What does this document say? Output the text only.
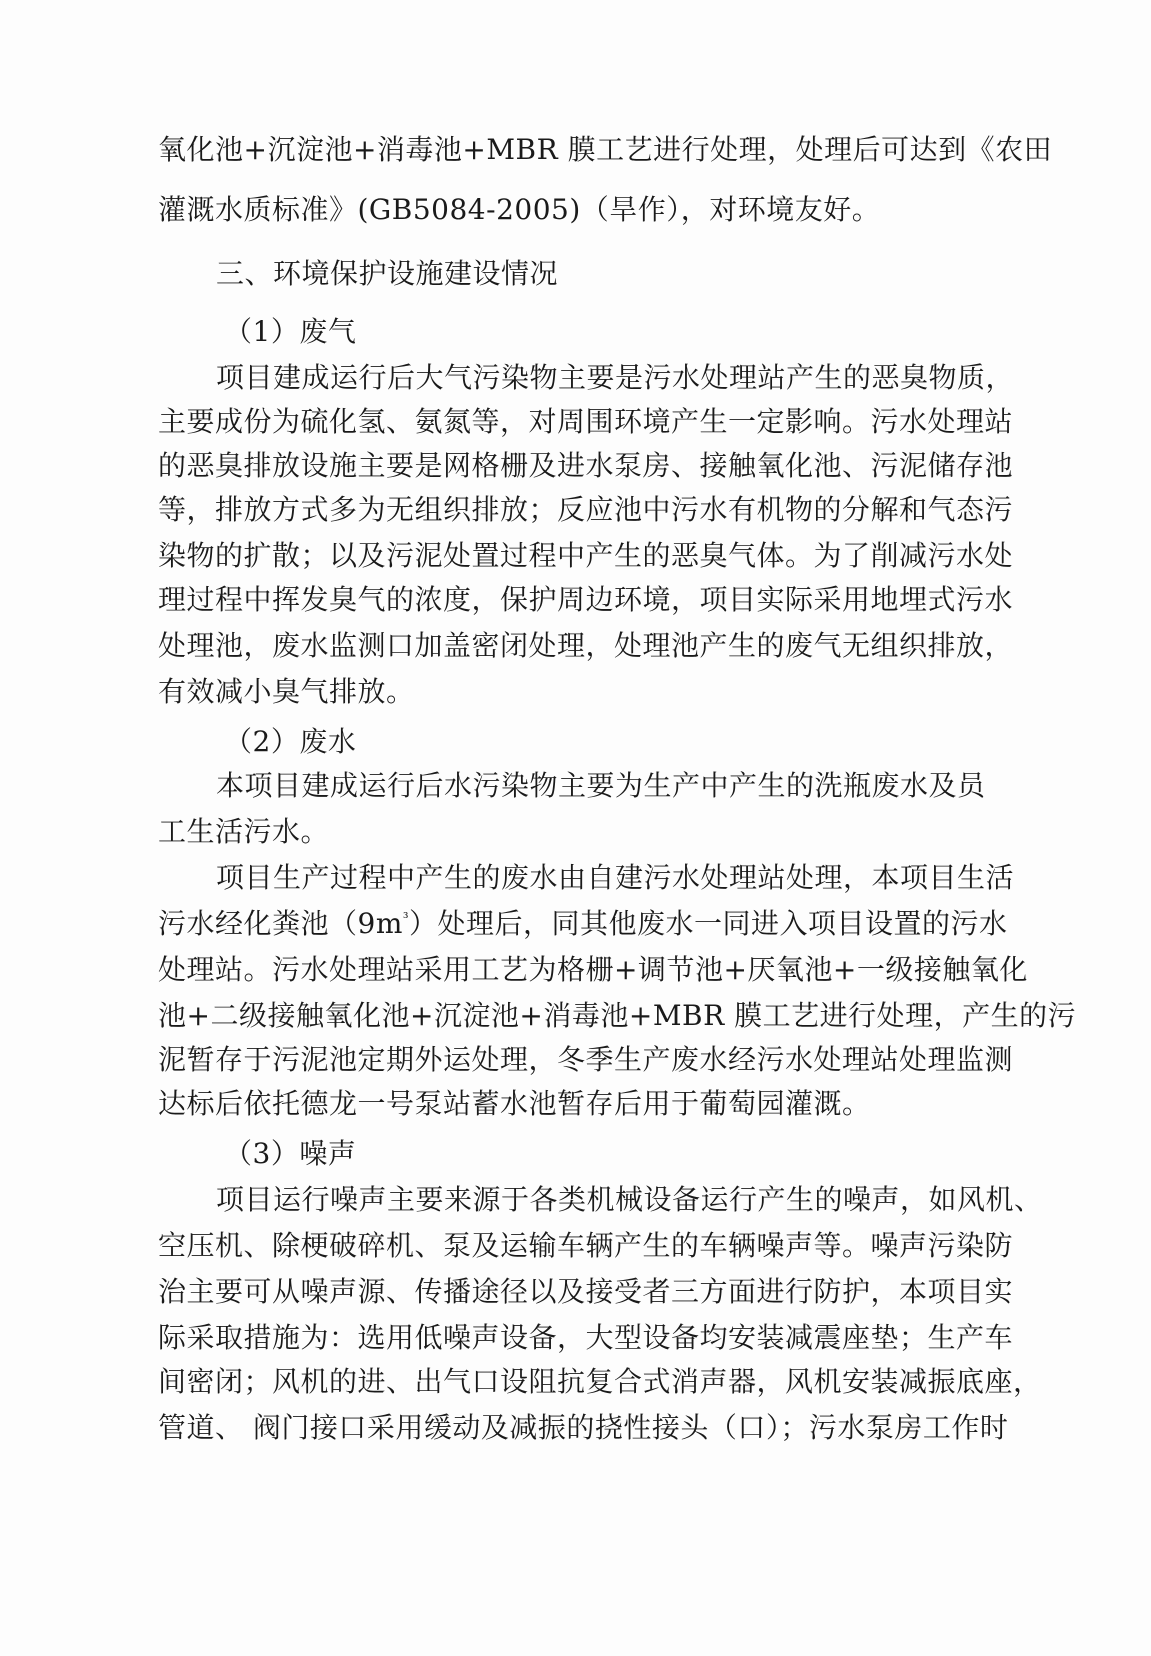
氧化池+沉淀池+消毒池+MBR 膜工艺进行处理，处理后可达到《农田
灌溉水质标准》(GB5084-2005)（旱作），对环境友好。
三、环境保护设施建设情况
（1）废气
项目建成运行后大气污染物主要是污水处理站产生的恶臭物质，
主要成份为硫化氢、氨氮等，对周围环境产生一定影响。污水处理站
的恶臭排放设施主要是网格栅及进水泵房、接触氧化池、污泥储存池
等，排放方式多为无组织排放；反应池中污水有机物的分解和气态污
染物的扩散；以及污泥处置过程中产生的恶臭气体。为了削减污水处
理过程中挥发臭气的浓度，保护周边环境，项目实际采用地埋式污水
处理池，废水监测口加盖密闭处理，处理池产生的废气无组织排放，
有效减小臭气排放。
（2）废水
本项目建成运行后水污染物主要为生产中产生的洗瓶废水及员
工生活污水。
项目生产过程中产生的废水由自建污水处理站处理，本项目生活
污水经化粪池$(9m^{^3})$处理后，同其他废水一同进入项目设置的污水
处理站。污水处理站采用工艺为格栅+调节池+厌氧池+一级接触氧化
池+二级接触氧化池+沉淀池+消毒池+MBR 膜工艺进行处理，产生的污
泥暂存于污泥池定期外运处理，冬季生产废水经污水处理站处理监测
达标后依托德龙一号泵站蓄水池暂存后用于葡萄园灌溉。
（3）噪声
项目运行噪声主要来源于各类机械设备运行产生的噪声，如风机、
空压机、除梗破碎机、泵及运输车辆产生的车辆噪声等。噪声污染防
治主要可从噪声源、传播途径以及接受者三方面进行防护，本项目实
际采取措施为：选用低噪声设备，大型设备均安装减震座垫；生产车
间密闭；风机的进、出气口设阻抗复合式消声器，风机安装减振底座，
管道、 阀门接口采用缓动及减振的挠性接头（口）；污水泵房工作时
